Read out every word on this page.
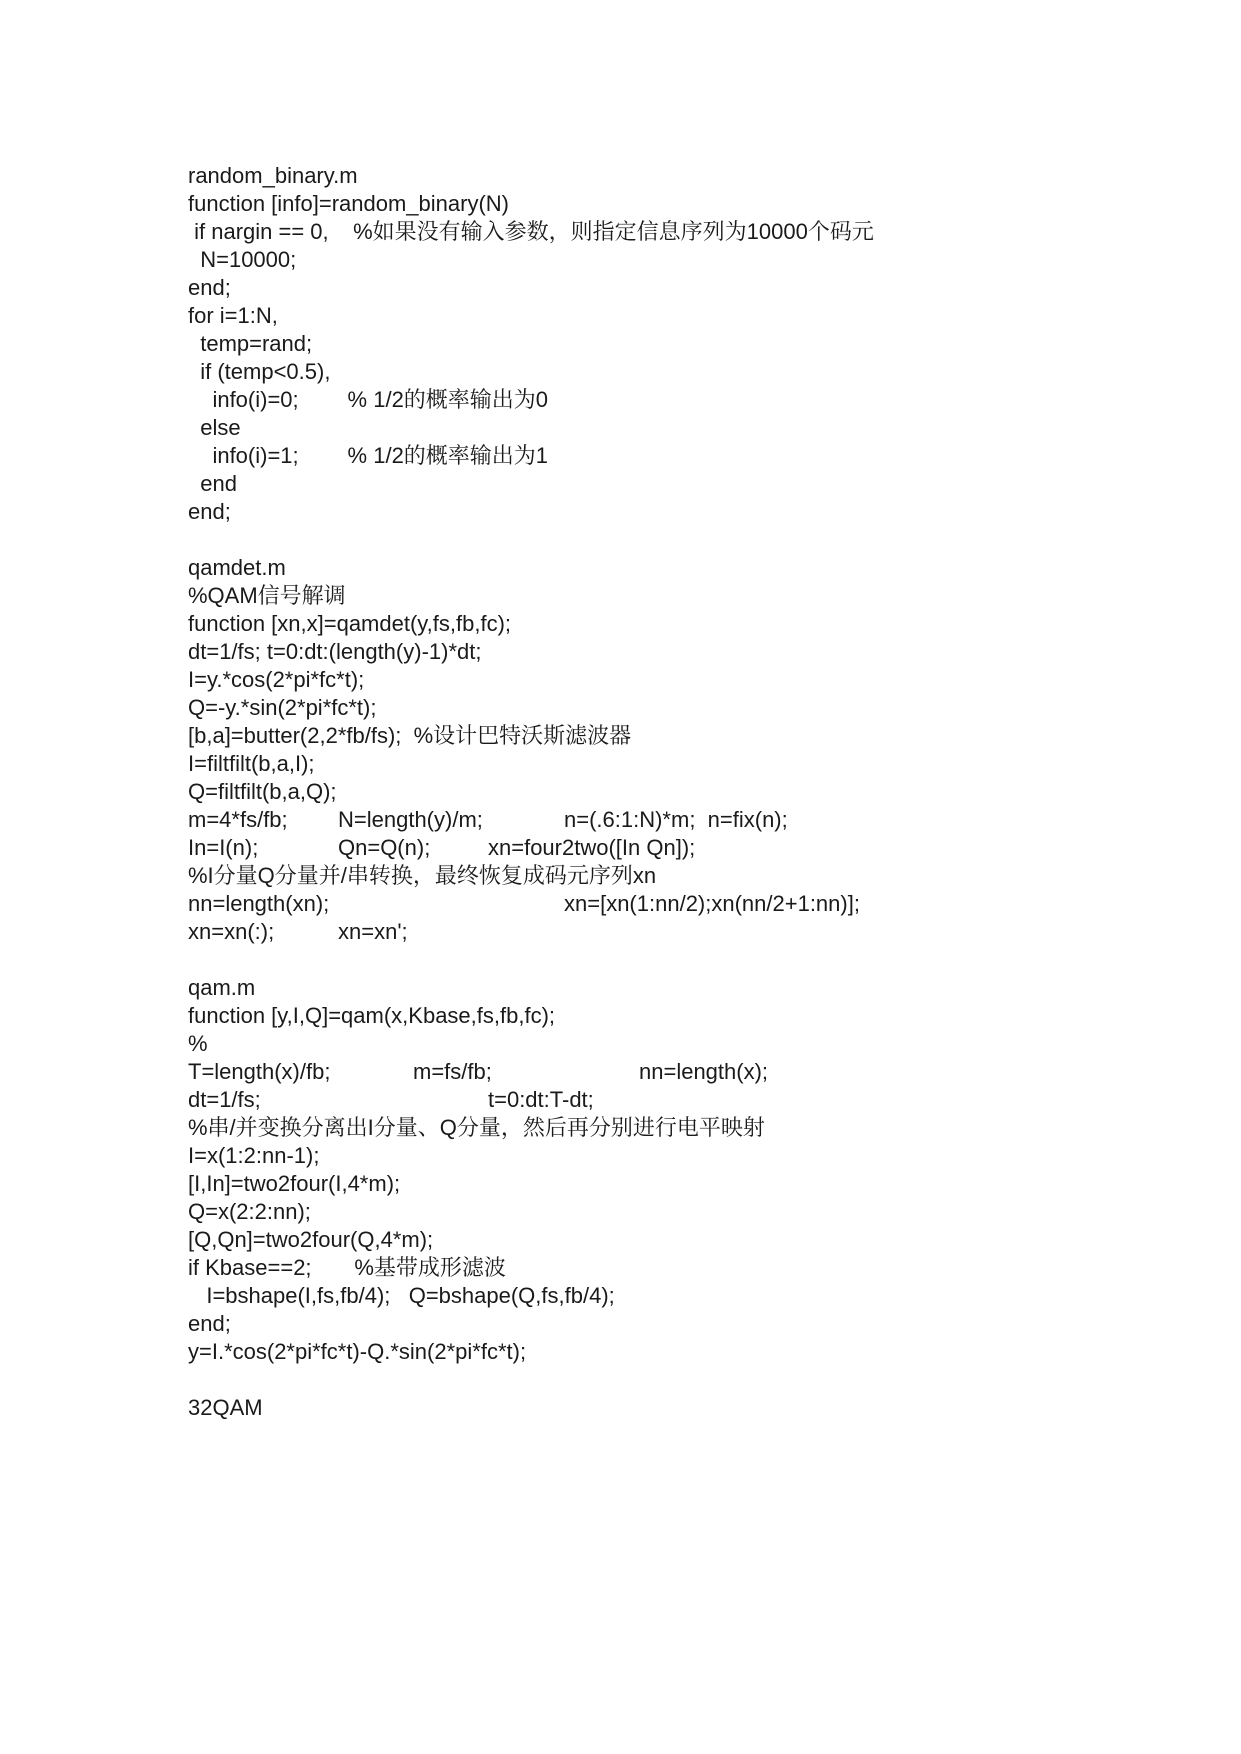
random_binary.m
function [info]=random_binary(N)
if nargin == 0,    %如果没有输入参数，则指定信息序列为10000个码元
N=10000;
end;
for i=1:N,
temp=rand;
if (temp<0.5),
info(i)=0;        % 1/2的概率输出为0
else
info(i)=1;        % 1/2的概率输出为1
end
end;
qamdet.m
%QAM信号解调
function [xn,x]=qamdet(y,fs,fb,fc);
dt=1/fs; t=0:dt:(length(y)-1)*dt;
I=y.*cos(2*pi*fc*t);
Q=-y.*sin(2*pi*fc*t);
[b,a]=butter(2,2*fb/fs);  %设计巴特沃斯滤波器
I=filtfilt(b,a,I);
Q=filtfilt(b,a,Q);

m=4*fs/fb;

N=length(y)/m;

	n=(.6:1:N)*m;  n=fix(n);

In=I(n);

	Qn=Q(n);

	xn=four2two([In Qn]);

%I分量Q分量并/串转换，最终恢复成码元序列xn

nn=length(xn);

	xn=[xn(1:nn/2);xn(nn/2+1:nn)];

xn=xn(:);

	xn=xn';

qam.m
function [y,I,Q]=qam(x,Kbase,fs,fb,fc);
%

T=length(x)/fb;

	m=fs/fb;

	nn=length(x);

dt=1/fs;

	t=0:dt:T-dt;

%串/并变换分离出I分量、Q分量，然后再分别进行电平映射
I=x(1:2:nn-1);
[I,In]=two2four(I,4*m);
Q=x(2:2:nn);
[Q,Qn]=two2four(Q,4*m);
if Kbase==2;       %基带成形滤波
I=bshape(I,fs,fb/4);   Q=bshape(Q,fs,fb/4);
end;
y=I.*cos(2*pi*fc*t)-Q.*sin(2*pi*fc*t);
32QAM
